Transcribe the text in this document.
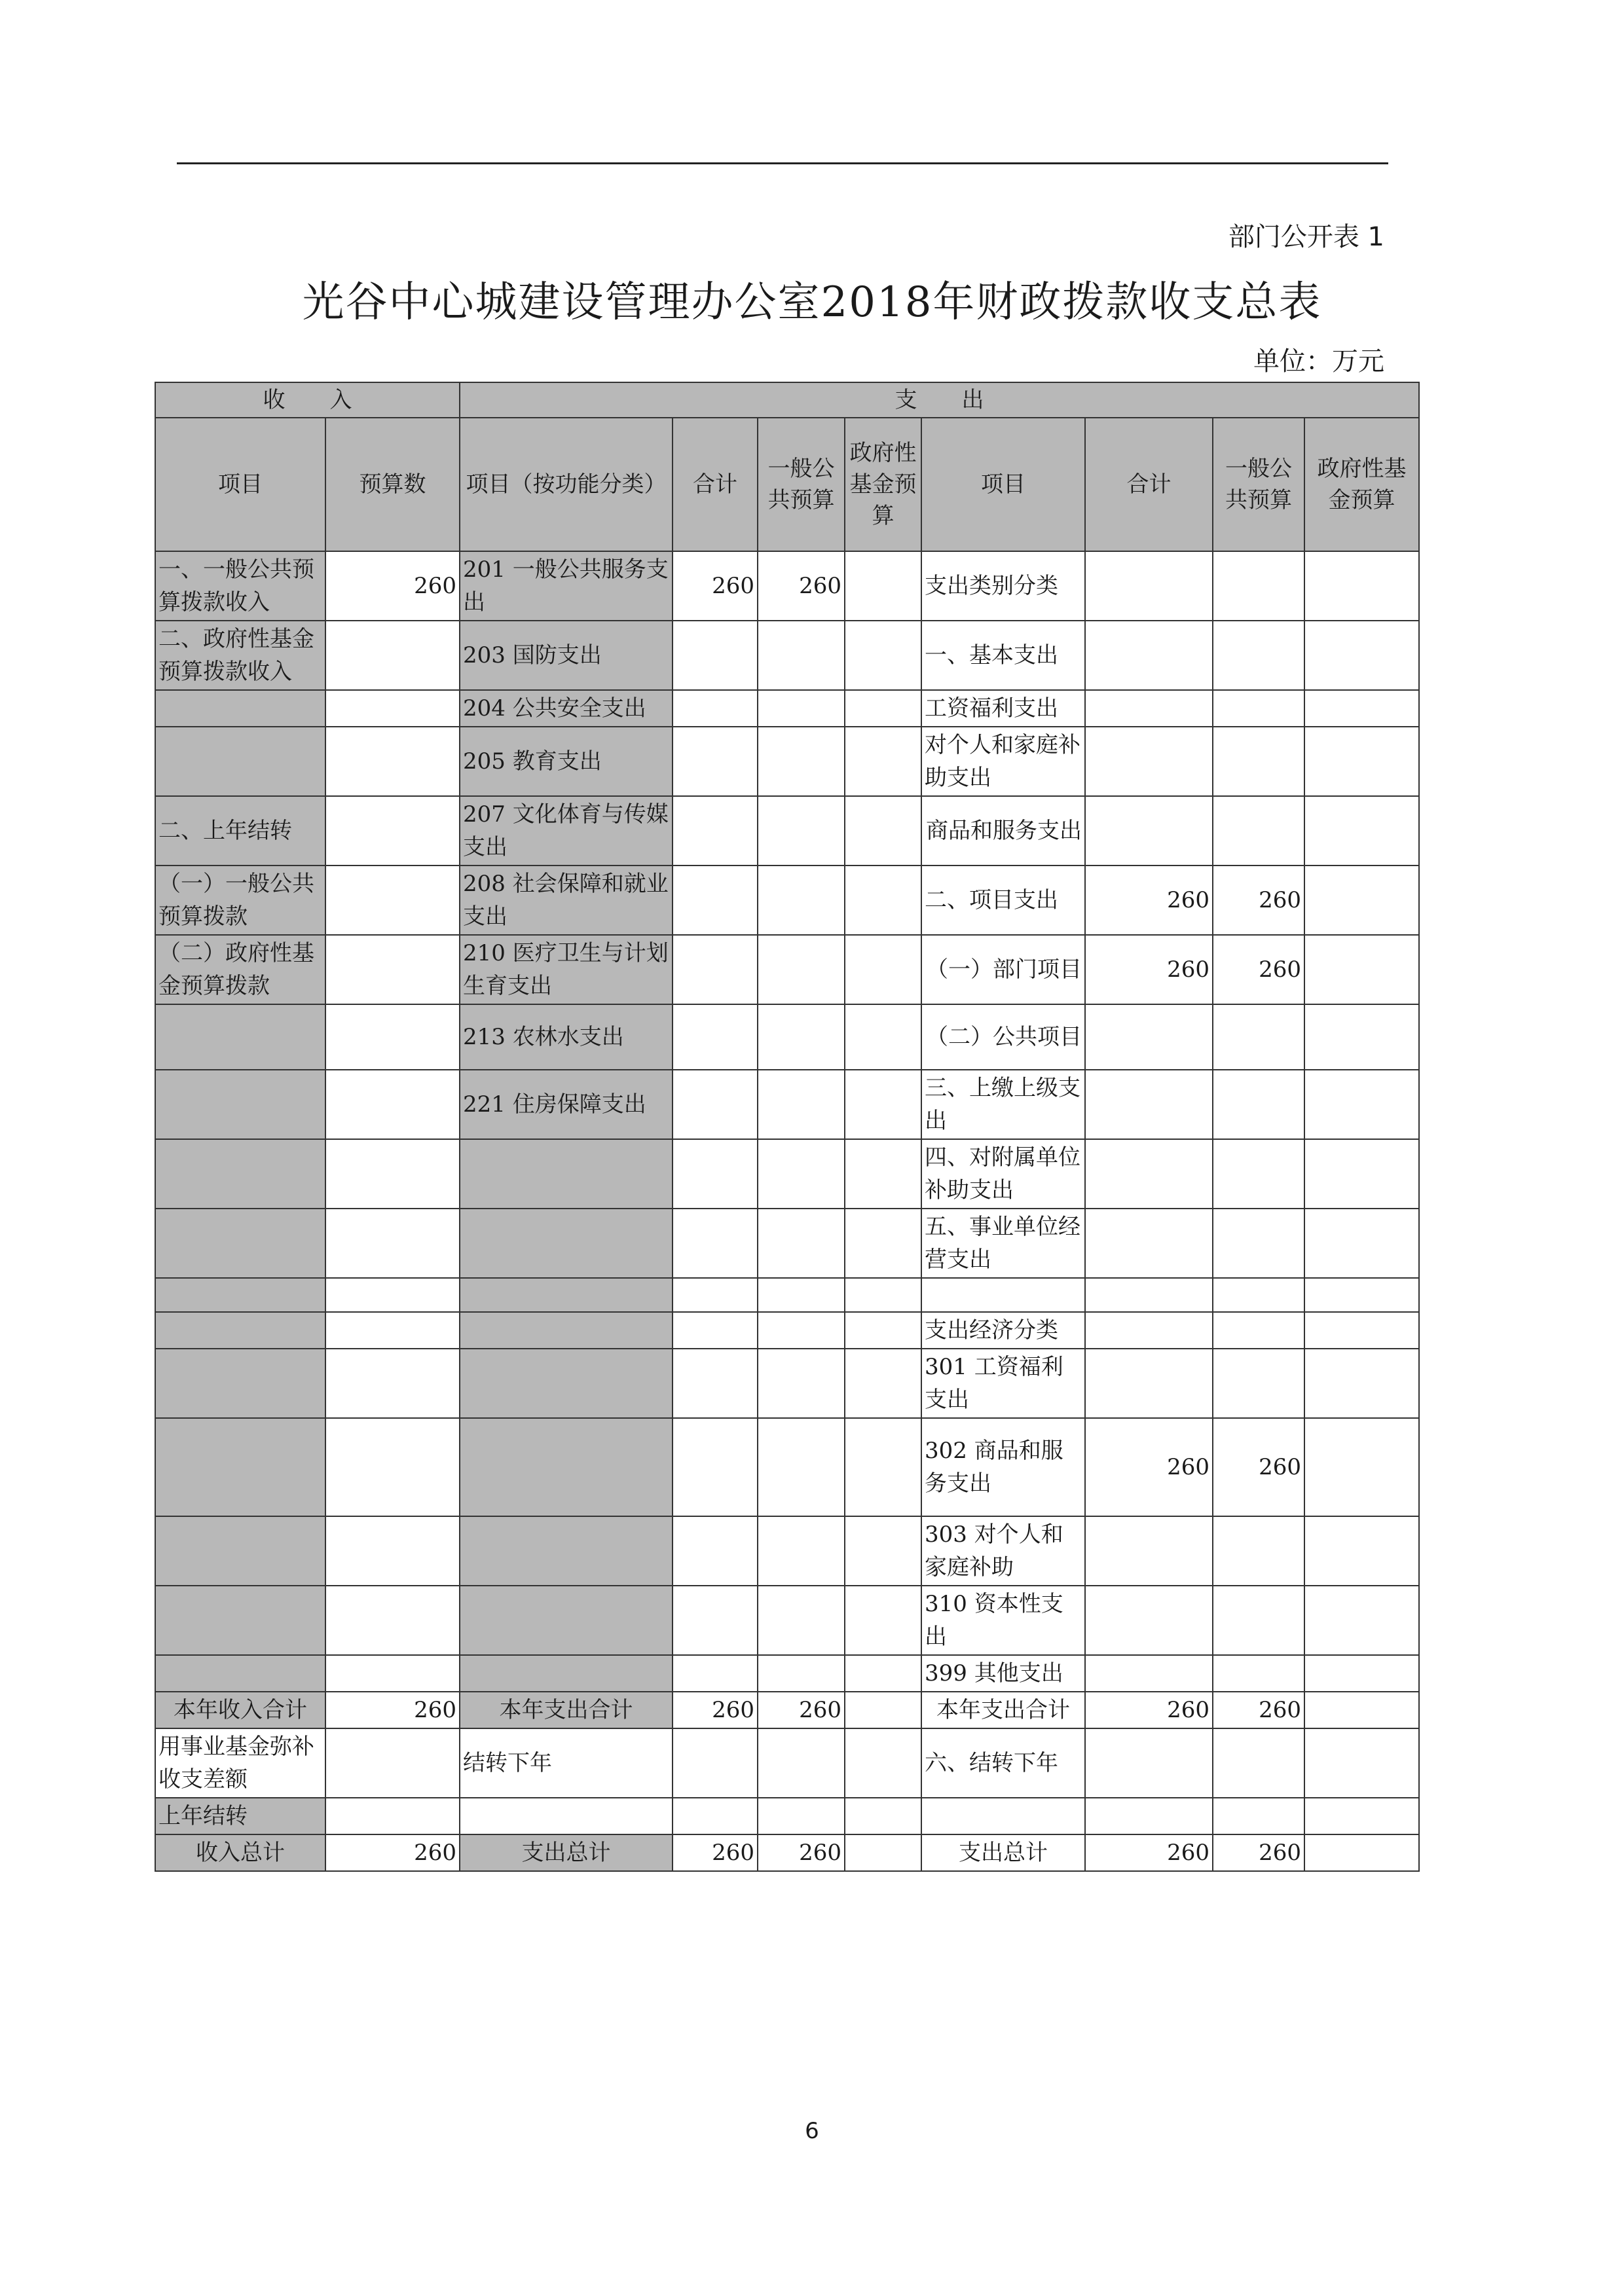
部门公开表 1
光谷中心城建设管理办公室2018年财政拨款收支总表
单位：万元
收　　入		支　　出							
项目	预算数	项目（按功能分类）	合计	一般公共预算	政府性基金预算	项目	合计	一般公共预算	政府性基金预算
一、一般公共预算拨款收入	260	201 一般公共服务支出	260	260		支出类别分类			
二、政府性基金预算拨款收入		203 国防支出				一、基本支出			
		204 公共安全支出				工资福利支出			
		205 教育支出				对个人和家庭补助支出			
二、上年结转		207 文化体育与传媒支出				商品和服务支出			
（一）一般公共预算拨款		208 社会保障和就业支出				二、项目支出	260	260	
（二）政府性基金预算拨款		210 医疗卫生与计划生育支出				（一）部门项目	260	260	
		213 农林水支出				（二）公共项目			
		221 住房保障支出				三、上缴上级支出			
						四、对附属单位补助支出			
						五、事业单位经营支出			

						支出经济分类			
						301 工资福利支出			
						302 商品和服务支出	260	260	
						303 对个人和家庭补助			
						310 资本性支出			
						399 其他支出			
本年收入合计	260	本年支出合计	260	260		本年支出合计	260	260	
用事业基金弥补收支差额		结转下年				六、结转下年			
上年结转									
收入总计	260	支出总计	260	260		支出总计	260	260	
6
